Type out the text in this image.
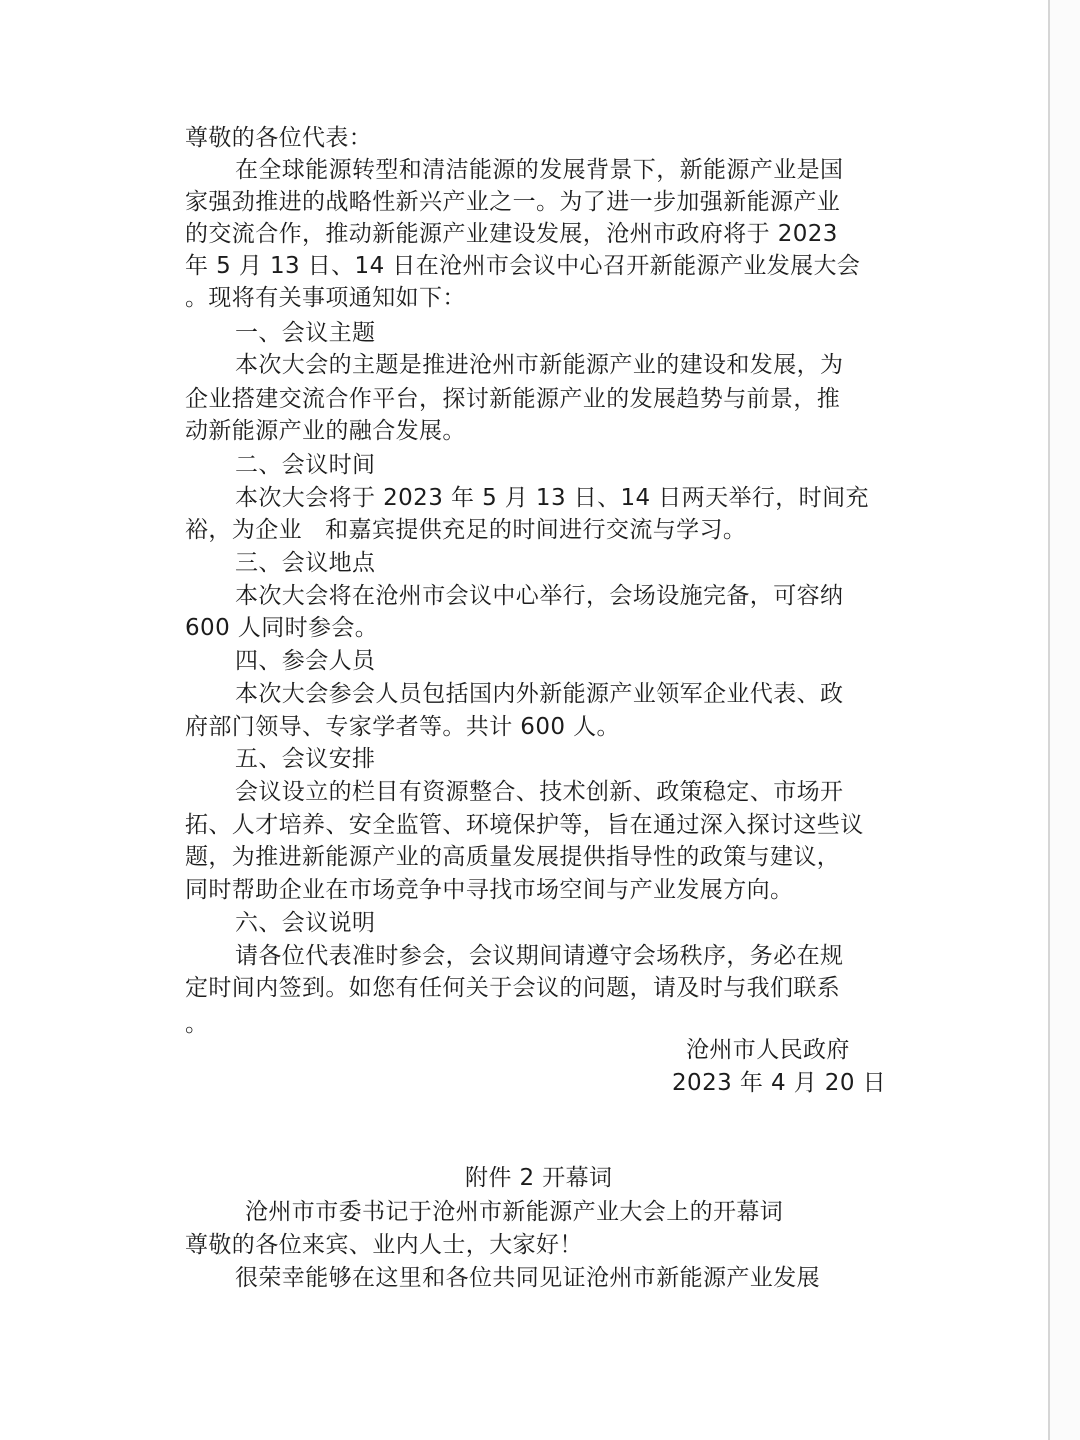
尊敬的各位代表：
在全球能源转型和清洁能源的发展背景下，新能源产业是国
家强劲推进的战略性新兴产业之一。为了进一步加强新能源产业
的交流合作，推动新能源产业建设发展，沧州市政府将于 2023
年 5 月 13 日、14 日在沧州市会议中心召开新能源产业发展大会
。现将有关事项通知如下：
一、会议主题
本次大会的主题是推进沧州市新能源产业的建设和发展，为
企业搭建交流合作平台，探讨新能源产业的发展趋势与前景，推
动新能源产业的融合发展。
二、会议时间
本次大会将于 2023 年 5 月 13 日、14 日两天举行，时间充
裕，为企业   和嘉宾提供充足的时间进行交流与学习。
三、会议地点
本次大会将在沧州市会议中心举行，会场设施完备，可容纳
600 人同时参会。
四、参会人员
本次大会参会人员包括国内外新能源产业领军企业代表、政
府部门领导、专家学者等。共计 600 人。
五、会议安排
会议设立的栏目有资源整合、技术创新、政策稳定、市场开
拓、人才培养、安全监管、环境保护等，旨在通过深入探讨这些议
题，为推进新能源产业的高质量发展提供指导性的政策与建议，
同时帮助企业在市场竞争中寻找市场空间与产业发展方向。
六、会议说明
请各位代表准时参会，会议期间请遵守会场秩序，务必在规
定时间内签到。如您有任何关于会议的问题，请及时与我们联系
。
沧州市人民政府
2023 年 4 月 20 日
附件 2 开幕词
沧州市市委书记于沧州市新能源产业大会上的开幕词
尊敬的各位来宾、业内人士，大家好！
很荣幸能够在这里和各位共同见证沧州市新能源产业发展
